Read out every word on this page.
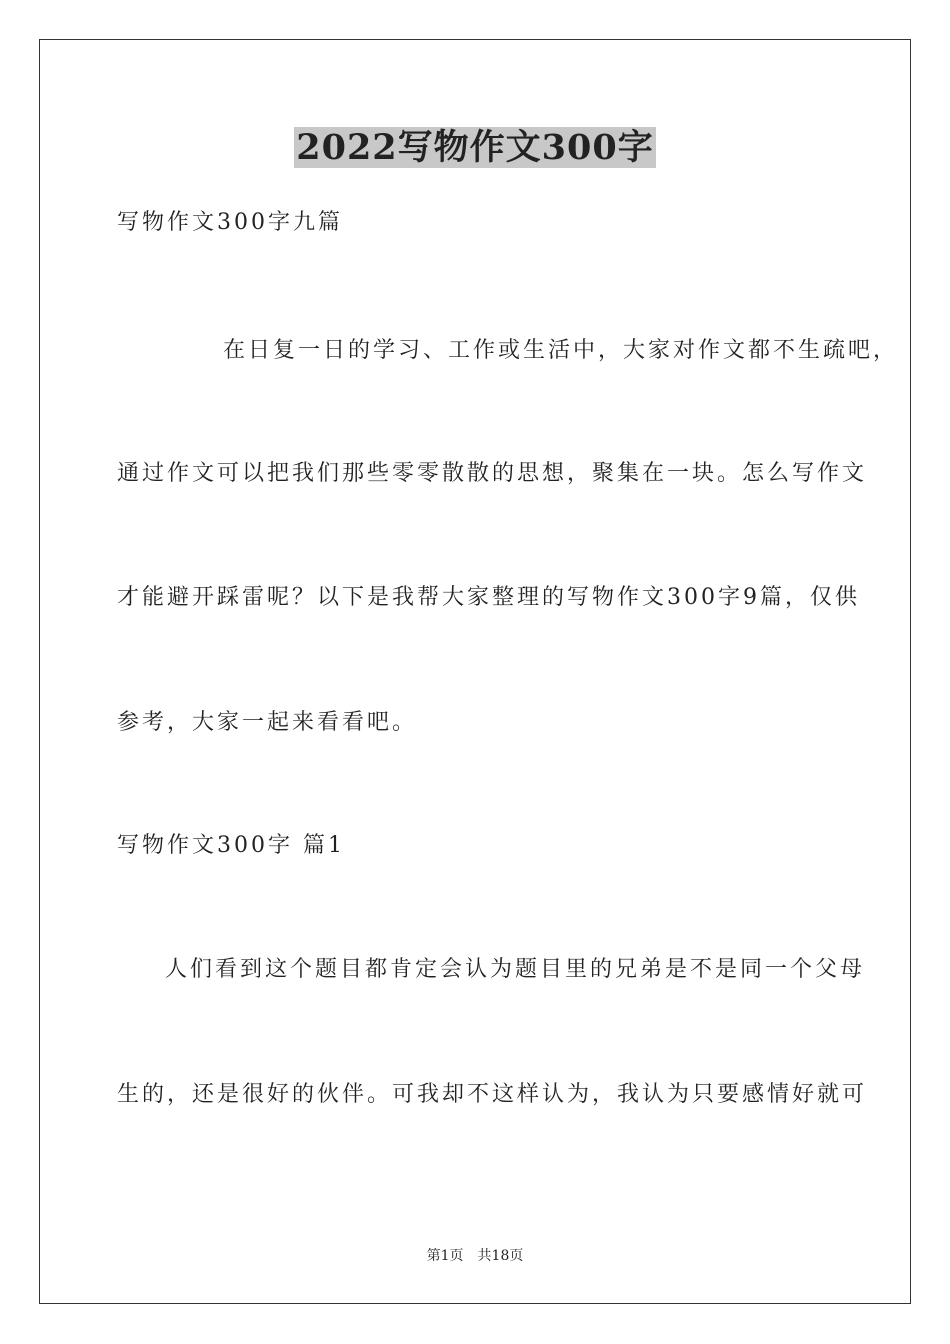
2022写物作文300字
写物作文300字九篇
　　在日复一日的学习、工作或生活中，大家对作文都不生疏吧，
通过作文可以把我们那些零零散散的思想，聚集在一块。怎么写作文
才能避开踩雷呢？以下是我帮大家整理的写物作文300字9篇，仅供
参考，大家一起来看看吧。
写物作文300字 篇1
　人们看到这个题目都肯定会认为题目里的兄弟是不是同一个父母
生的，还是很好的伙伴。可我却不这样认为，我认为只要感情好就可
第1页 共18页
